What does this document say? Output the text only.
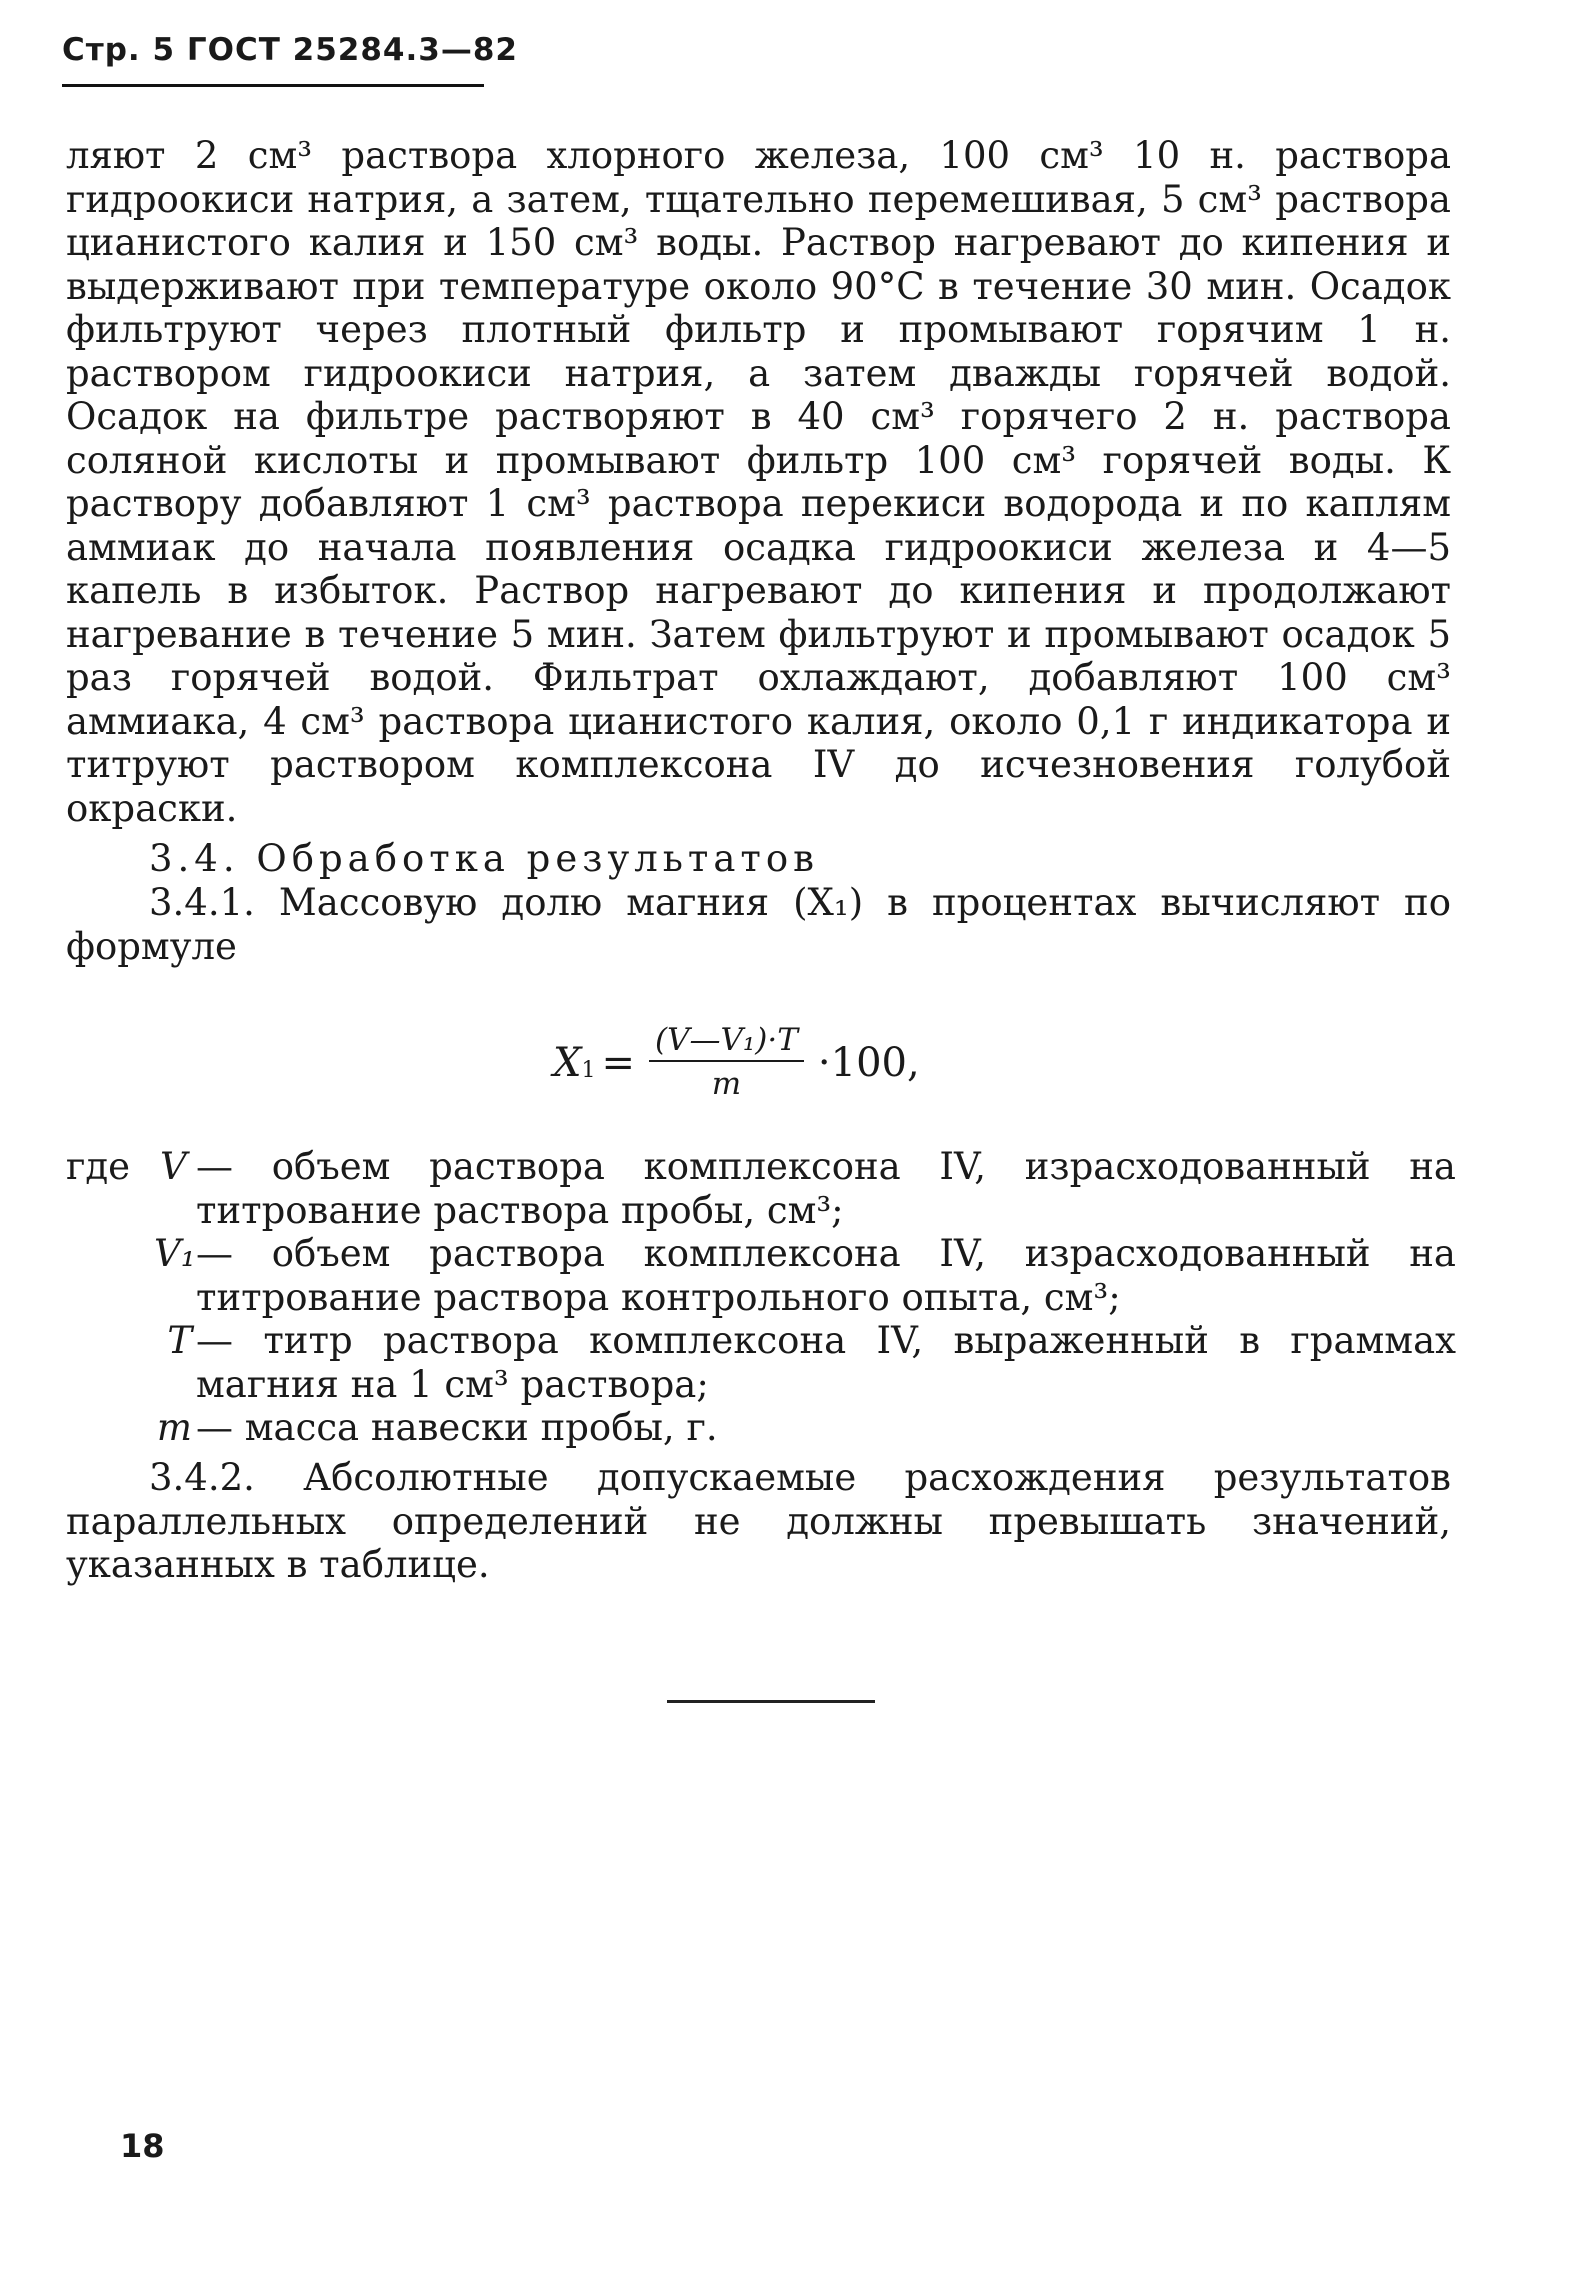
Стр. 5 ГОСТ 25284.3—82
ляют 2 см³ раствора хлорного железа, 100 см³ 10 н. раствора гидроокиси натрия, а затем, тщательно перемешивая, 5 см³ раствора цианистого калия и 150 см³ воды. Раствор нагревают до кипения и выдерживают при температуре около 90°С в течение 30 мин. Осадок фильтруют через плотный фильтр и промывают горячим 1 н. раствором гидроокиси натрия, а затем дважды горячей водой. Осадок на фильтре растворяют в 40 см³ горячего 2 н. раствора соляной кислоты и промывают фильтр 100 см³ горячей воды. К раствору добавляют 1 см³ раствора перекиси водорода и по каплям аммиак до начала появления осадка гидроокиси железа и 4—5 капель в избыток. Раствор нагревают до кипения и продолжают нагревание в течение 5 мин. Затем фильтруют и промывают осадок 5 раз горячей водой. Фильтрат охлаждают, добавляют 100 см³ аммиака, 4 см³ раствора цианистого калия, около 0,1 г индикатора и титруют раствором комплексона IV до исчезновения голубой окраски.
3.4. Обработка результатов
3.4.1. Массовую долю магния (X₁) в процентах вычисляют по формуле
$X_1 = \frac{\text{(V—V₁)·T}}{m} \cdot 100$,
где V — объем раствора комплексона IV, израсходованный на титрование раствора пробы, см³;
V₁ — объем раствора комплексона IV, израсходованный на титрование раствора контрольного опыта, см³;
T — титр раствора комплексона IV, выраженный в граммах магния на 1 см³ раствора;
m — масса навески пробы, г.
3.4.2. Абсолютные допускаемые расхождения результатов параллельных определений не должны превышать значений, указанных в таблице.
18
